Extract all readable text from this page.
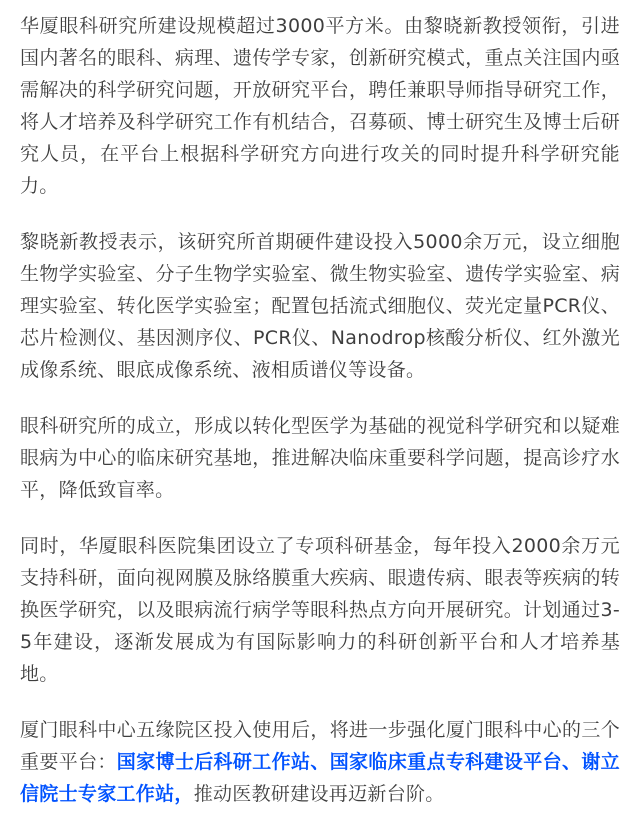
华厦眼科研究所建设规模超过3000平方米。由黎晓新教授领衔，引进国内著名的眼科、病理、遗传学专家，创新研究模式，重点关注国内亟需解决的科学研究问题，开放研究平台，聘任兼职导师指导研究工作，将人才培养及科学研究工作有机结合，召募硕、博士研究生及博士后研究人员，在平台上根据科学研究方向进行攻关的同时提升科学研究能力。

黎晓新教授表示，该研究所首期硬件建设投入5000余万元，设立细胞生物学实验室、分子生物学实验室、微生物实验室、遗传学实验室、病理实验室、转化医学实验室；配置包括流式细胞仪、荧光定量PCR仪、芯片检测仪、基因测序仪、PCR仪、Nanodrop核酸分析仪、红外激光成像系统、眼底成像系统、液相质谱仪等设备。

眼科研究所的成立，形成以转化型医学为基础的视觉科学研究和以疑难眼病为中心的临床研究基地，推进解决临床重要科学问题，提高诊疗水平，降低致盲率。

同时，华厦眼科医院集团设立了专项科研基金，每年投入2000余万元支持科研，面向视网膜及脉络膜重大疾病、眼遗传病、眼表等疾病的转换医学研究，以及眼病流行病学等眼科热点方向开展研究。计划通过3-5年建设，逐渐发展成为有国际影响力的科研创新平台和人才培养基地。

厦门眼科中心五缘院区投入使用后，将进一步强化厦门眼科中心的三个重要平台：国家博士后科研工作站、国家临床重点专科建设平台、谢立信院士专家工作站，推动医教研建设再迈新台阶。
